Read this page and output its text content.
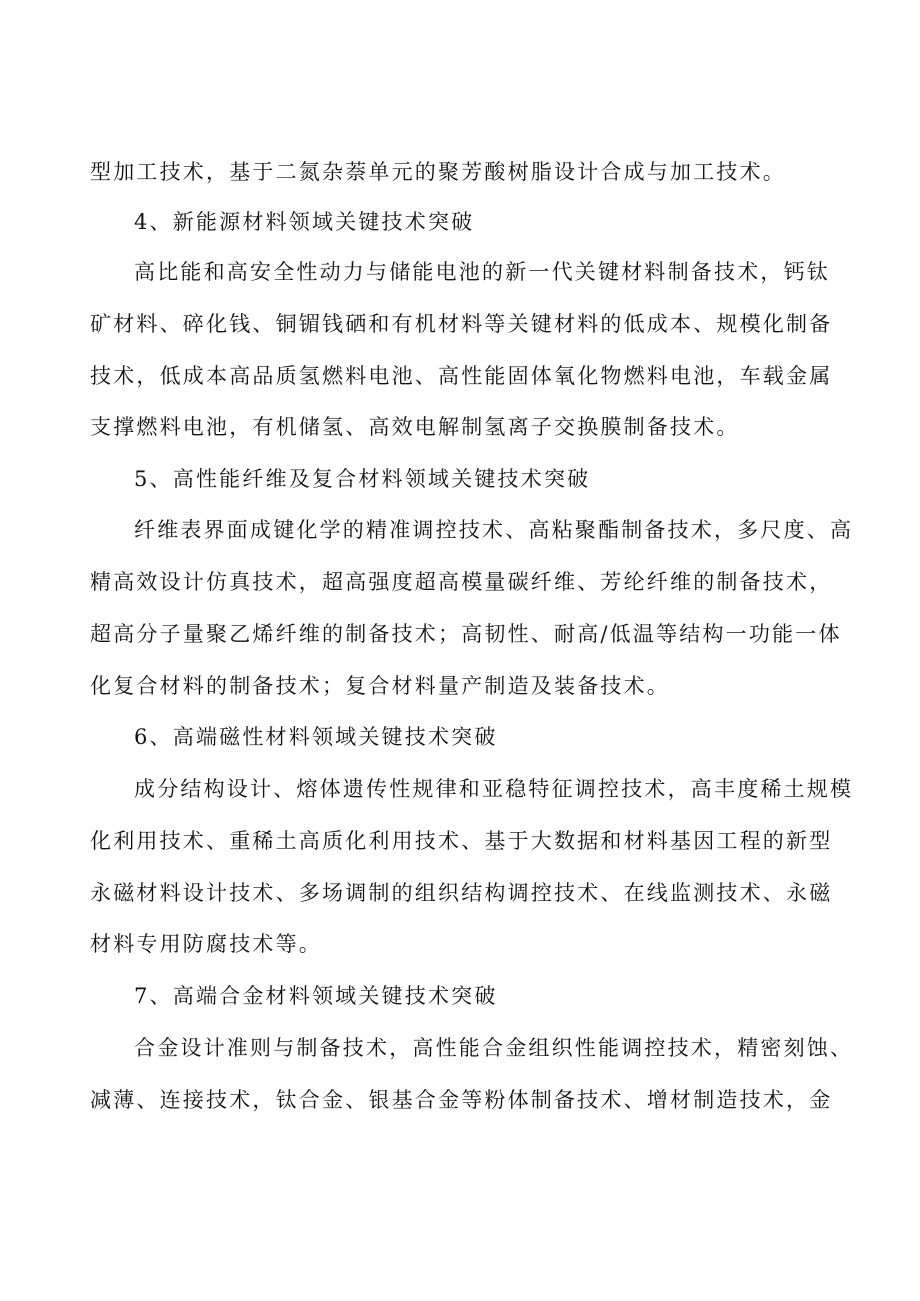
型加工技术，基于二氮杂萘单元的聚芳酸树脂设计合成与加工技术。
4、新能源材料领域关键技术突破
高比能和高安全性动力与储能电池的新一代关键材料制备技术，钙钛
矿材料、碎化钱、铜镅钱硒和有机材料等关键材料的低成本、规模化制备
技术，低成本高品质氢燃料电池、高性能固体氧化物燃料电池，车载金属
支撑燃料电池，有机储氢、高效电解制氢离子交换膜制备技术。
5、高性能纤维及复合材料领域关键技术突破
纤维表界面成键化学的精准调控技术、高粘聚酯制备技术，多尺度、高
精高效设计仿真技术，超高强度超高模量碳纤维、芳纶纤维的制备技术，
超高分子量聚乙烯纤维的制备技术；高韧性、耐高/低温等结构一功能一体
化复合材料的制备技术；复合材料量产制造及装备技术。
6、高端磁性材料领域关键技术突破
成分结构设计、熔体遗传性规律和亚稳特征调控技术，高丰度稀土规模
化利用技术、重稀土高质化利用技术、基于大数据和材料基因工程的新型
永磁材料设计技术、多场调制的组织结构调控技术、在线监测技术、永磁
材料专用防腐技术等。
7、高端合金材料领域关键技术突破
合金设计准则与制备技术，高性能合金组织性能调控技术，精密刻蚀、
减薄、连接技术，钛合金、银基合金等粉体制备技术、增材制造技术，金
